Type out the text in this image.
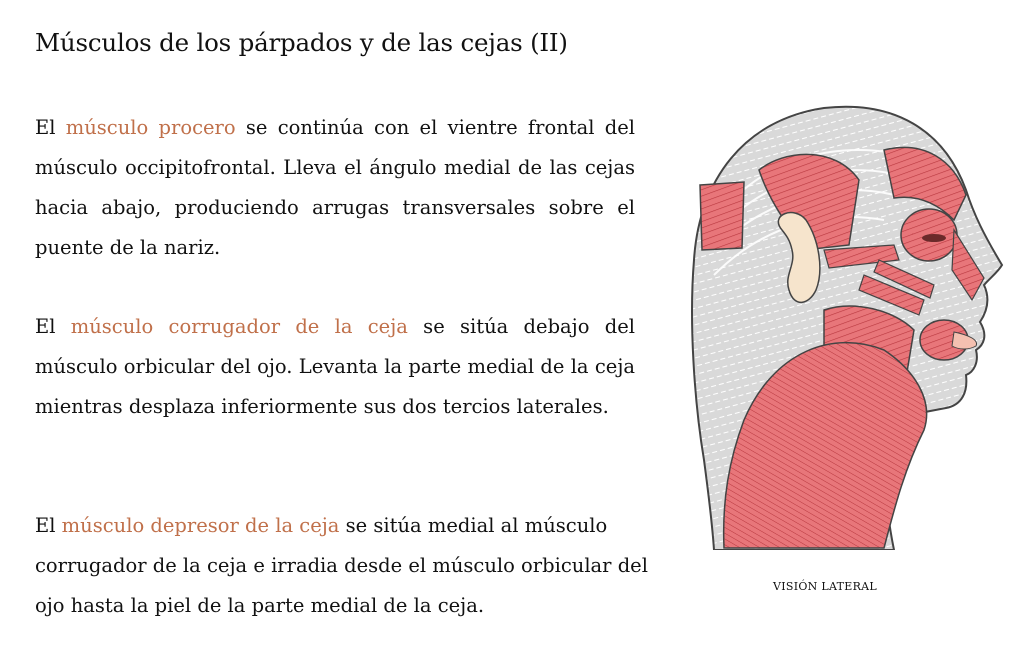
Músculos de los párpados y de las cejas (II)

El músculo procero se continúa con el vientre frontal del músculo occipitofrontal. Lleva el ángulo medial de las cejas hacia abajo, produciendo arrugas transversales sobre el puente de la nariz.

El músculo corrugador de la ceja se sitúa debajo del músculo orbicular del ojo. Levanta la parte medial de la ceja mientras desplaza inferiormente sus dos tercios laterales.

El músculo depresor de la ceja se sitúa medial al músculo corrugador de la ceja e irradia desde el músculo orbicular del ojo hasta la piel de la parte medial de la ceja.

VISIÓN LATERAL
